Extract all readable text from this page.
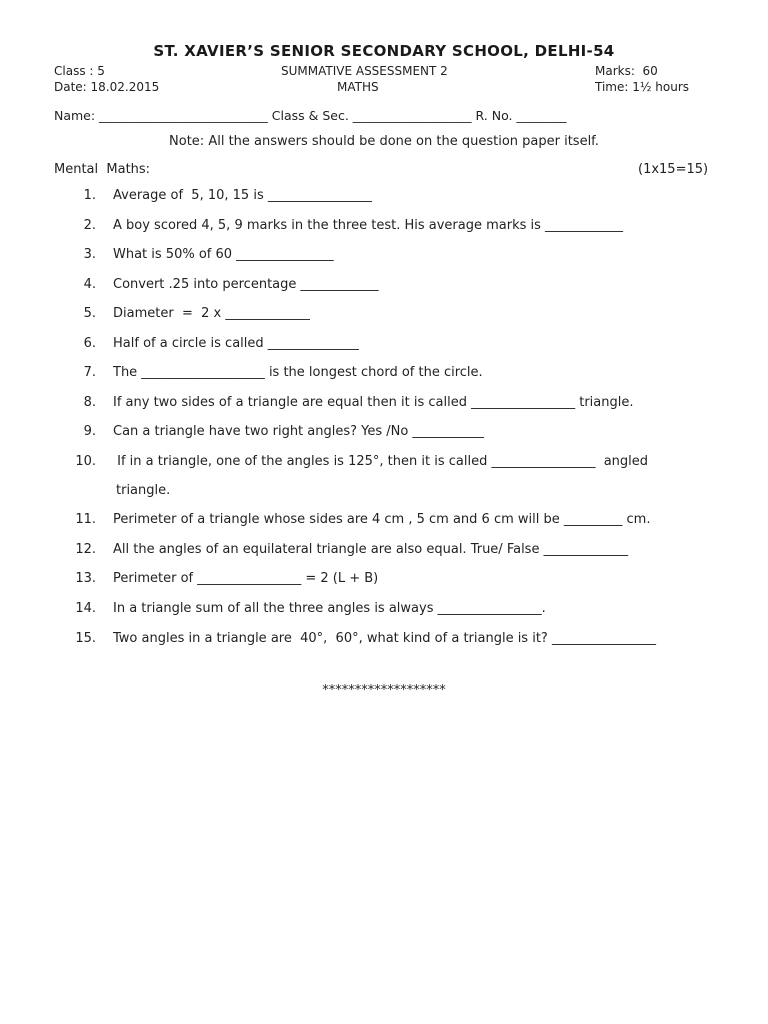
ST. XAVIER’S SENIOR SECONDARY SCHOOL, DELHI-54
Class : 5	SUMMATIVE ASSESSMENT 2	Marks:  60
Date: 18.02.2015	MATHS	Time: 1½ hours
Name: ___________________________ Class & Sec. ___________________ R. No. ________
Note: All the answers should be done on the question paper itself.
Mental  Maths:	(1x15=15)
1. Average of  5, 10, 15 is ________________
2. A boy scored 4, 5, 9 marks in the three test. His average marks is ____________
3. What is 50% of 60 _______________
4. Convert .25 into percentage ____________
5. Diameter  =  2 x _____________
6. Half of a circle is called ______________
7. The ___________________ is the longest chord of the circle.
8. If any two sides of a triangle are equal then it is called ________________ triangle.
9. Can a triangle have two right angles? Yes /No ___________
10. If in a triangle, one of the angles is 125°, then it is called ________________  angled
triangle.
11. Perimeter of a triangle whose sides are 4 cm , 5 cm and 6 cm will be _________ cm.
12. All the angles of an equilateral triangle are also equal. True/ False _____________
13. Perimeter of ________________ = 2 (L + B)
14. In a triangle sum of all the three angles is always ________________.
15. Two angles in a triangle are  40°,  60°, what kind of a triangle is it? ________________
*******************
